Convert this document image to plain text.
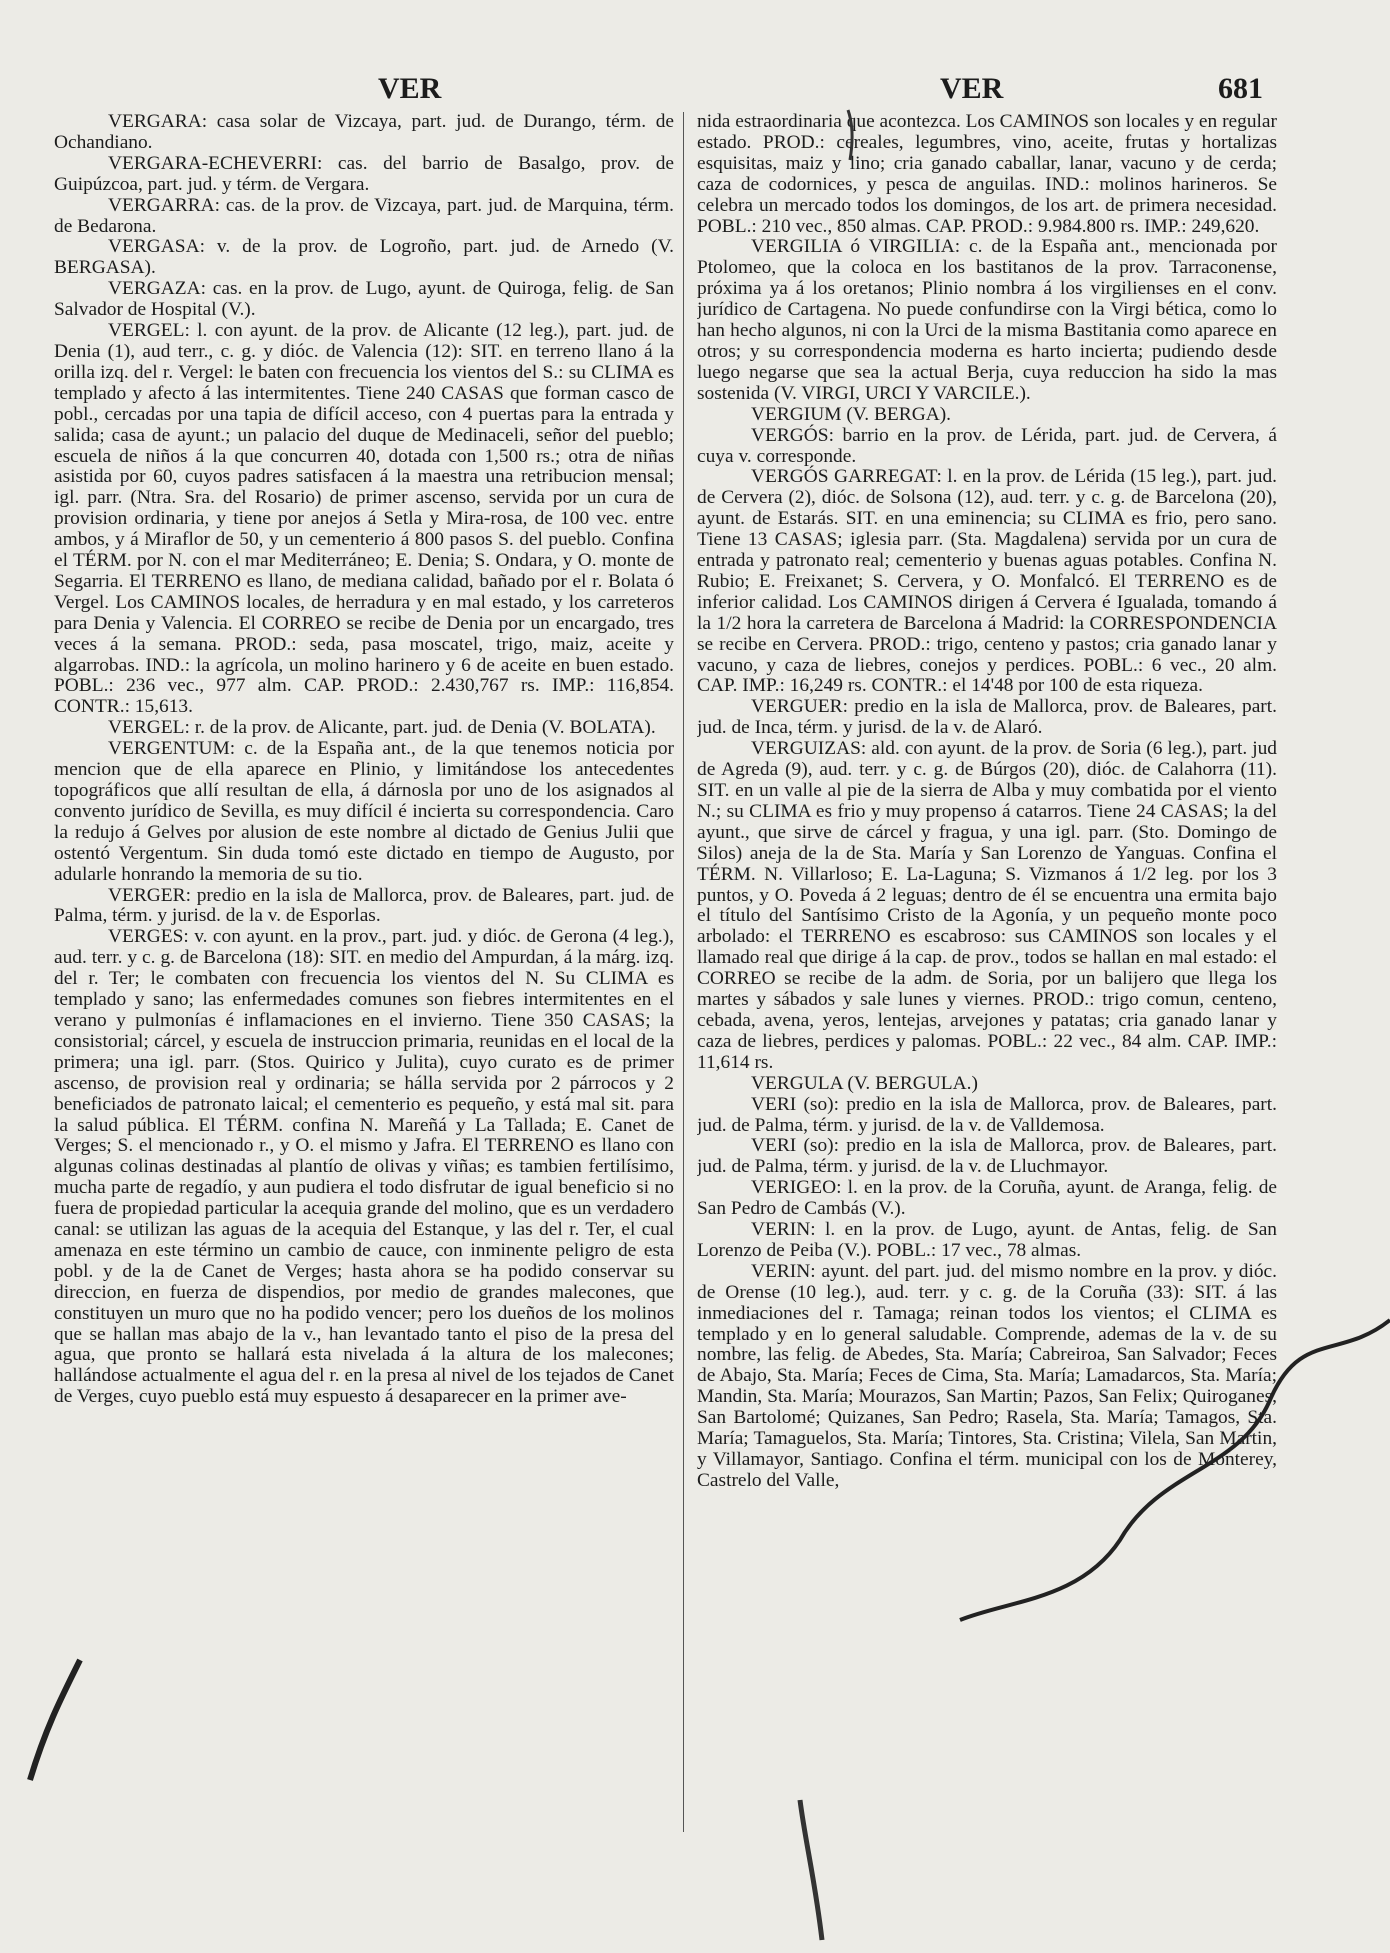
VER	VER	681

VERGARA: casa solar de Vizcaya, part. jud. de Durango, térm. de Ochandiano.

VERGARA-ECHEVERRI: cas. del barrio de Basalgo, prov. de Guipúzcoa, part. jud. y térm. de Vergara.

VERGARRA: cas. de la prov. de Vizcaya, part. jud. de Marquina, térm. de Bedarona.

VERGASA: v. de la prov. de Logroño, part. jud. de Arnedo (V. BERGASA).

VERGAZA: cas. en la prov. de Lugo, ayunt. de Quiroga, felig. de San Salvador de Hospital (V.).

VERGEL: l. con ayunt. de la prov. de Alicante (12 leg.), part. jud. de Denia (1), aud terr., c. g. y dióc. de Valencia (12): SIT. en terreno llano á la orilla izq. del r. Vergel: le baten con frecuencia los vientos del S.: su CLIMA es templado y afecto á las intermitentes. Tiene 240 CASAS que forman casco de pobl., cercadas por una tapia de difícil acceso, con 4 puertas para la entrada y salida; casa de ayunt.; un palacio del duque de Medinaceli, señor del pueblo; escuela de niños á la que concurren 40, dotada con 1,500 rs.; otra de niñas asistida por 60, cuyos padres satisfacen á la maestra una retribucion mensal; igl. parr. (Ntra. Sra. del Rosario) de primer ascenso, servida por un cura de provision ordinaria, y tiene por anejos á Setla y Mira-rosa, de 100 vec. entre ambos, y á Miraflor de 50, y un cementerio á 800 pasos S. del pueblo. Confina el TÉRM. por N. con el mar Mediterráneo; E. Denia; S. Ondara, y O. monte de Segarria. El TERRENO es llano, de mediana calidad, bañado por el r. Bolata ó Vergel. Los CAMINOS locales, de herradura y en mal estado, y los carreteros para Denia y Valencia. El CORREO se recibe de Denia por un encargado, tres veces á la semana. PROD.: seda, pasa moscatel, trigo, maiz, aceite y algarrobas. IND.: la agrícola, un molino harinero y 6 de aceite en buen estado. POBL.: 236 vec., 977 alm. CAP. PROD.: 2.430,767 rs. IMP.: 116,854. CONTR.: 15,613.

VERGEL: r. de la prov. de Alicante, part. jud. de Denia (V. BOLATA).

VERGENTUM: c. de la España ant., de la que tenemos noticia por mencion que de ella aparece en Plinio, y limitándose los antecedentes topográficos que allí resultan de ella, á dárnosla por uno de los asignados al convento jurídico de Sevilla, es muy difícil é incierta su correspondencia. Caro la redujo á Gelves por alusion de este nombre al dictado de Genius Julii que ostentó Vergentum. Sin duda tomó este dictado en tiempo de Augusto, por adularle honrando la memoria de su tio.

VERGER: predio en la isla de Mallorca, prov. de Baleares, part. jud. de Palma, térm. y jurisd. de la v. de Esporlas.

VERGES: v. con ayunt. en la prov., part. jud. y dióc. de Gerona (4 leg.), aud. terr. y c. g. de Barcelona (18): SIT. en medio del Ampurdan, á la márg. izq. del r. Ter; le combaten con frecuencia los vientos del N. Su CLIMA es templado y sano; las enfermedades comunes son fiebres intermitentes en el verano y pulmonías é inflamaciones en el invierno. Tiene 350 CASAS; la consistorial; cárcel, y escuela de instruccion primaria, reunidas en el local de la primera; una igl. parr. (Stos. Quirico y Julita), cuyo curato es de primer ascenso, de provision real y ordinaria; se hálla servida por 2 párrocos y 2 beneficiados de patronato laical; el cementerio es pequeño, y está mal sit. para la salud pública. El TÉRM. confina N. Mareñá y La Tallada; E. Canet de Verges; S. el mencionado r., y O. el mismo y Jafra. El TERRENO es llano con algunas colinas destinadas al plantío de olivas y viñas; es tambien fertilísimo, mucha parte de regadío, y aun pudiera el todo disfrutar de igual beneficio si no fuera de propiedad particular la acequia grande del molino, que es un verdadero canal: se utilizan las aguas de la acequia del Estanque, y las del r. Ter, el cual amenaza en este término un cambio de cauce, con inminente peligro de esta pobl. y de la de Canet de Verges; hasta ahora se ha podido conservar su direccion, en fuerza de dispendios, por medio de grandes malecones, que constituyen un muro que no ha podido vencer; pero los dueños de los molinos que se hallan mas abajo de la v., han levantado tanto el piso de la presa del agua, que pronto se hallará esta nivelada á la altura de los malecones; hallándose actualmente el agua del r. en la presa al nivel de los tejados de Canet de Verges, cuyo pueblo está muy espuesto á desaparecer en la primer ave-

nida estraordinaria que acontezca. Los CAMINOS son locales y en regular estado. PROD.: cereales, legumbres, vino, aceite, frutas y hortalizas esquisitas, maiz y lino; cria ganado caballar, lanar, vacuno y de cerda; caza de codornices, y pesca de anguilas. IND.: molinos harineros. Se celebra un mercado todos los domingos, de los art. de primera necesidad. POBL.: 210 vec., 850 almas. CAP. PROD.: 9.984.800 rs. IMP.: 249,620.

VERGILIA ó VIRGILIA: c. de la España ant., mencionada por Ptolomeo, que la coloca en los bastitanos de la prov. Tarraconense, próxima ya á los oretanos; Plinio nombra á los virgilienses en el conv. jurídico de Cartagena. No puede confundirse con la Virgi bética, como lo han hecho algunos, ni con la Urci de la misma Bastitania como aparece en otros; y su correspondencia moderna es harto incierta; pudiendo desde luego negarse que sea la actual Berja, cuya reduccion ha sido la mas sostenida (V. VIRGI, URCI Y VARCILE.).

VERGIUM (V. BERGA).

VERGÓS: barrio en la prov. de Lérida, part. jud. de Cervera, á cuya v. corresponde.

VERGÓS GARREGAT: l. en la prov. de Lérida (15 leg.), part. jud. de Cervera (2), dióc. de Solsona (12), aud. terr. y c. g. de Barcelona (20), ayunt. de Estarás. SIT. en una eminencia; su CLIMA es frio, pero sano. Tiene 13 CASAS; iglesia parr. (Sta. Magdalena) servida por un cura de entrada y patronato real; cementerio y buenas aguas potables. Confina N. Rubio; E. Freixanet; S. Cervera, y O. Monfalcó. El TERRENO es de inferior calidad. Los CAMINOS dirigen á Cervera é Igualada, tomando á la 1/2 hora la carretera de Barcelona á Madrid: la CORRESPONDENCIA se recibe en Cervera. PROD.: trigo, centeno y pastos; cria ganado lanar y vacuno, y caza de liebres, conejos y perdices. POBL.: 6 vec., 20 alm. CAP. IMP.: 16,249 rs. CONTR.: el 14'48 por 100 de esta riqueza.

VERGUER: predio en la isla de Mallorca, prov. de Baleares, part. jud. de Inca, térm. y jurisd. de la v. de Alaró.

VERGUIZAS: ald. con ayunt. de la prov. de Soria (6 leg.), part. jud de Agreda (9), aud. terr. y c. g. de Búrgos (20), dióc. de Calahorra (11). SIT. en un valle al pie de la sierra de Alba y muy combatida por el viento N.; su CLIMA es frio y muy propenso á catarros. Tiene 24 CASAS; la del ayunt., que sirve de cárcel y fragua, y una igl. parr. (Sto. Domingo de Silos) aneja de la de Sta. María y San Lorenzo de Yanguas. Confina el TÉRM. N. Villarloso; E. La-Laguna; S. Vizmanos á 1/2 leg. por los 3 puntos, y O. Poveda á 2 leguas; dentro de él se encuentra una ermita bajo el título del Santísimo Cristo de la Agonía, y un pequeño monte poco arbolado: el TERRENO es escabroso: sus CAMINOS son locales y el llamado real que dirige á la cap. de prov., todos se hallan en mal estado: el CORREO se recibe de la adm. de Soria, por un balijero que llega los martes y sábados y sale lunes y viernes. PROD.: trigo comun, centeno, cebada, avena, yeros, lentejas, arvejones y patatas; cria ganado lanar y caza de liebres, perdices y palomas. POBL.: 22 vec., 84 alm. CAP. IMP.: 11,614 rs.

VERGULA (V. BERGULA.)

VERI (so): predio en la isla de Mallorca, prov. de Baleares, part. jud. de Palma, térm. y jurisd. de la v. de Valldemosa.

VERI (so): predio en la isla de Mallorca, prov. de Baleares, part. jud. de Palma, térm. y jurisd. de la v. de Lluchmayor.

VERIGEO: l. en la prov. de la Coruña, ayunt. de Aranga, felig. de San Pedro de Cambás (V.).

VERIN: l. en la prov. de Lugo, ayunt. de Antas, felig. de San Lorenzo de Peiba (V.). POBL.: 17 vec., 78 almas.

VERIN: ayunt. del part. jud. del mismo nombre en la prov. y dióc. de Orense (10 leg.), aud. terr. y c. g. de la Coruña (33): SIT. á las inmediaciones del r. Tamaga; reinan todos los vientos; el CLIMA es templado y en lo general saludable. Comprende, ademas de la v. de su nombre, las felig. de Abedes, Sta. María; Cabreiroa, San Salvador; Feces de Abajo, Sta. María; Feces de Cima, Sta. María; Lamadarcos, Sta. María; Mandin, Sta. María; Mourazos, San Martin; Pazos, San Felix; Quiroganes, San Bartolomé; Quizanes, San Pedro; Rasela, Sta. María; Tamagos, Sta. María; Tamaguelos, Sta. María; Tintores, Sta. Cristina; Vilela, San Martin, y Villamayor, Santiago. Confina el térm. municipal con los de Monterey, Castrelo del Valle,
